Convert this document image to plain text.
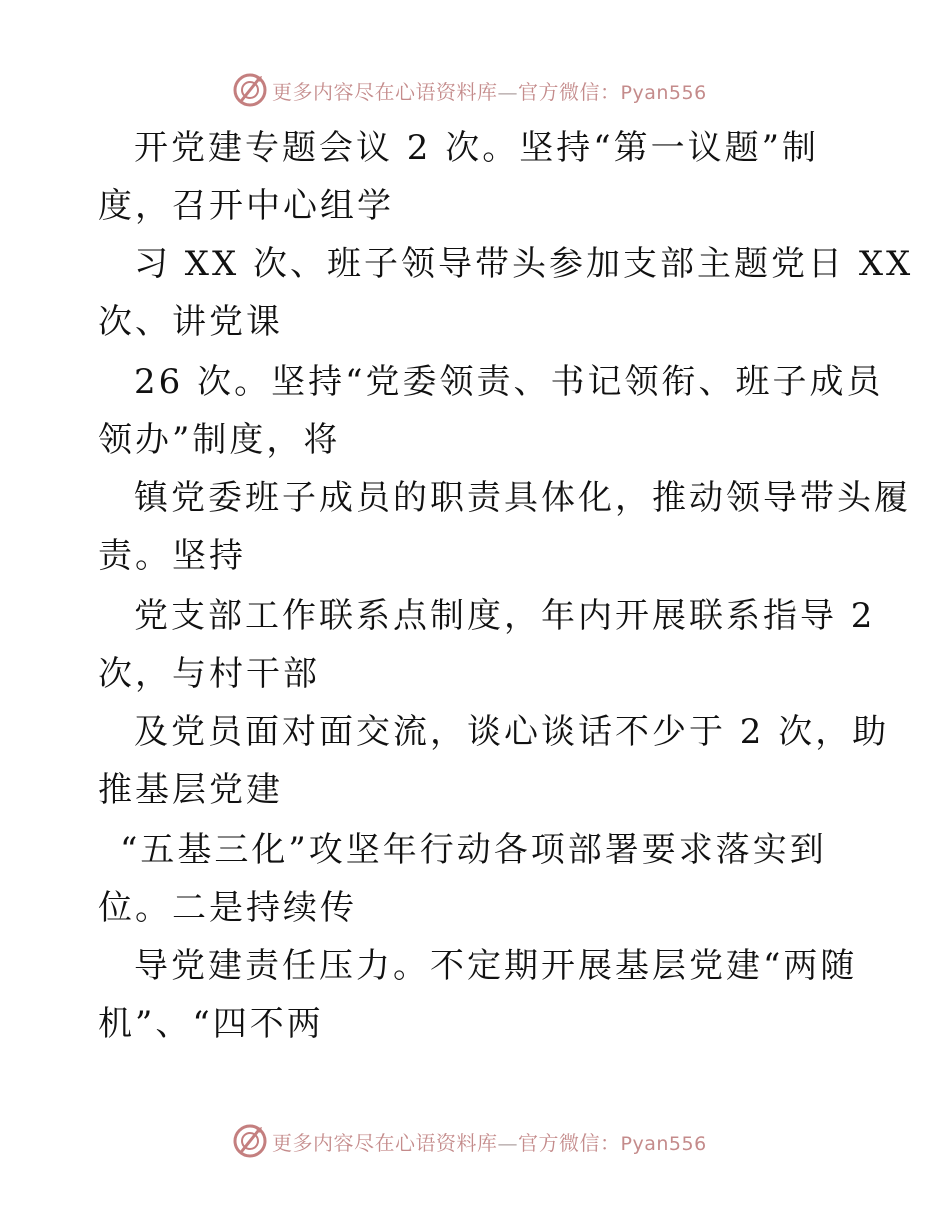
更多内容尽在心语资料库—官方微信：Pyan556
开党建专题会议 2 次。坚持“第一议题”制
度，召开中心组学
习 XX 次、班子领导带头参加支部主题党日 XX
次、讲党课
26 次。坚持“党委领责、书记领衔、班子成员
领办”制度，将
镇党委班子成员的职责具体化，推动领导带头履
责。坚持
党支部工作联系点制度，年内开展联系指导 2
次，与村干部
及党员面对面交流，谈心谈话不少于 2 次，助
推基层党建
“五基三化”攻坚年行动各项部署要求落实到
位。二是持续传
导党建责任压力。不定期开展基层党建“两随
机”、“四不两
更多内容尽在心语资料库—官方微信：Pyan556
